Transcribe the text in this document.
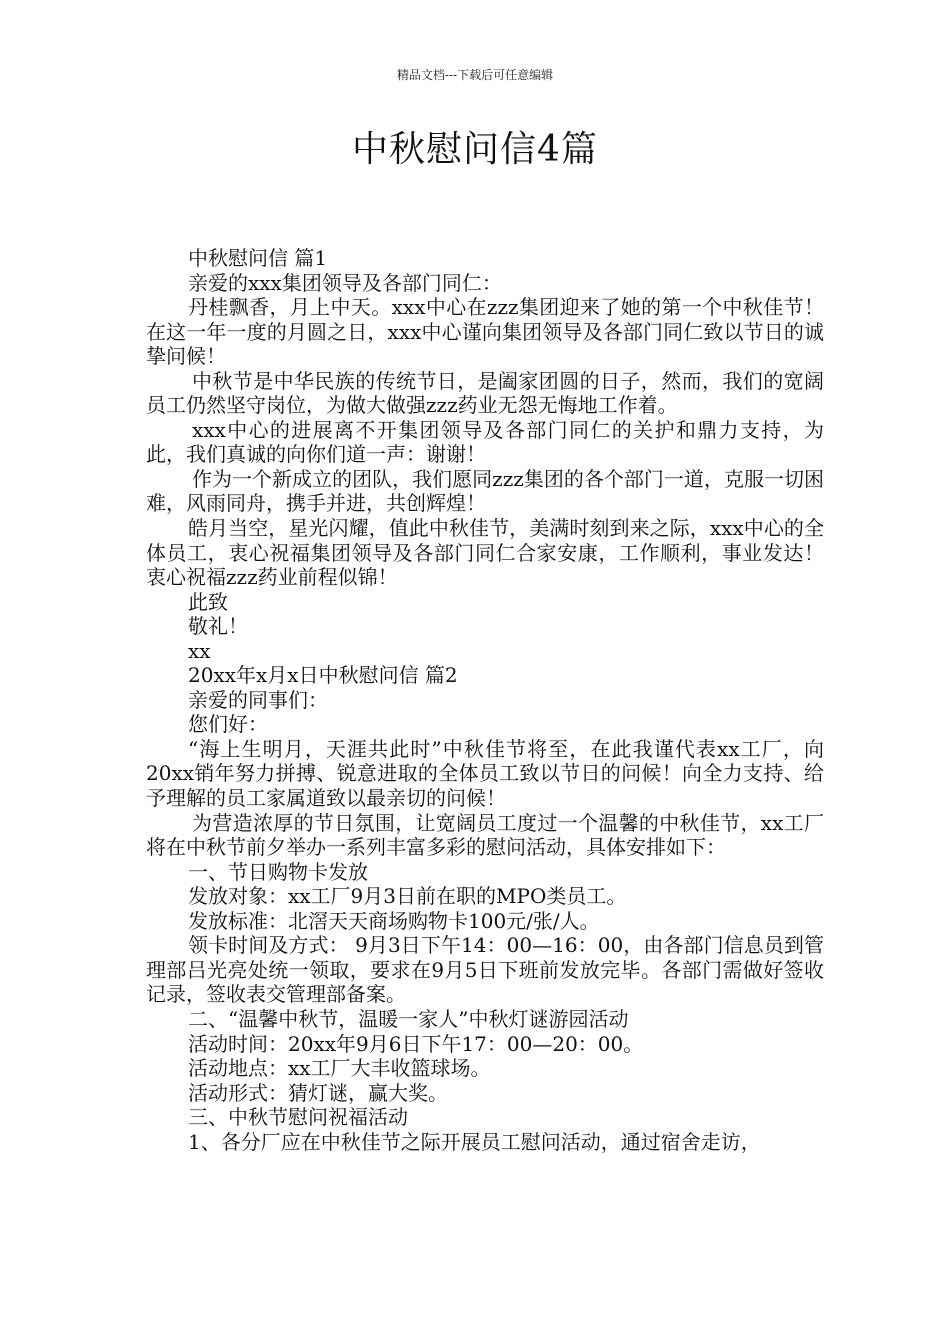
精品文档---下载后可任意编辑
中秋慰问信4篇

中秋慰问信 篇1

亲爱的xxx集团领导及各部门同仁：

丹桂飘香，月上中天。xxx中心在zzz集团迎来了她的第一个中秋佳节！在这一年一度的月圆之日，xxx中心谨向集团领导及各部门同仁致以节日的诚挚问候！

中秋节是中华民族的传统节日，是阖家团圆的日子，然而，我们的宽阔员工仍然坚守岗位，为做大做强zzz药业无怨无悔地工作着。

xxx中心的进展离不开集团领导及各部门同仁的关护和鼎力支持，为此，我们真诚的向你们道一声：谢谢！

作为一个新成立的团队，我们愿同zzz集团的各个部门一道，克服一切困难，风雨同舟，携手并进，共创辉煌！

皓月当空，星光闪耀，值此中秋佳节，美满时刻到来之际，xxx中心的全体员工，衷心祝福集团领导及各部门同仁合家安康，工作顺利，事业发达！衷心祝福zzz药业前程似锦！

此致

敬礼！

xx

20xx年x月x日中秋慰问信 篇2

亲爱的同事们：

您们好：

“海上生明月，天涯共此时”中秋佳节将至，在此我谨代表xx工厂，向20xx销年努力拼搏、锐意进取的全体员工致以节日的问候！向全力支持、给予理解的员工家属道致以最亲切的问候！

为营造浓厚的节日氛围，让宽阔员工度过一个温馨的中秋佳节，xx工厂将在中秋节前夕举办一系列丰富多彩的慰问活动，具体安排如下：

一、节日购物卡发放

发放对象：xx工厂9月3日前在职的MPO类员工。

发放标准：北滘天天商场购物卡100元/张/人。

领卡时间及方式： 9月3日下午14：00—16：00，由各部门信息员到管理部吕光亮处统一领取，要求在9月5日下班前发放完毕。各部门需做好签收记录，签收表交管理部备案。

二、“温馨中秋节，温暖一家人”中秋灯谜游园活动

活动时间：20xx年9月6日下午17：00—20：00。

活动地点：xx工厂大丰收篮球场。

活动形式：猜灯谜，赢大奖。

三、中秋节慰问祝福活动

1、各分厂应在中秋佳节之际开展员工慰问活动，通过宿舍走访，
